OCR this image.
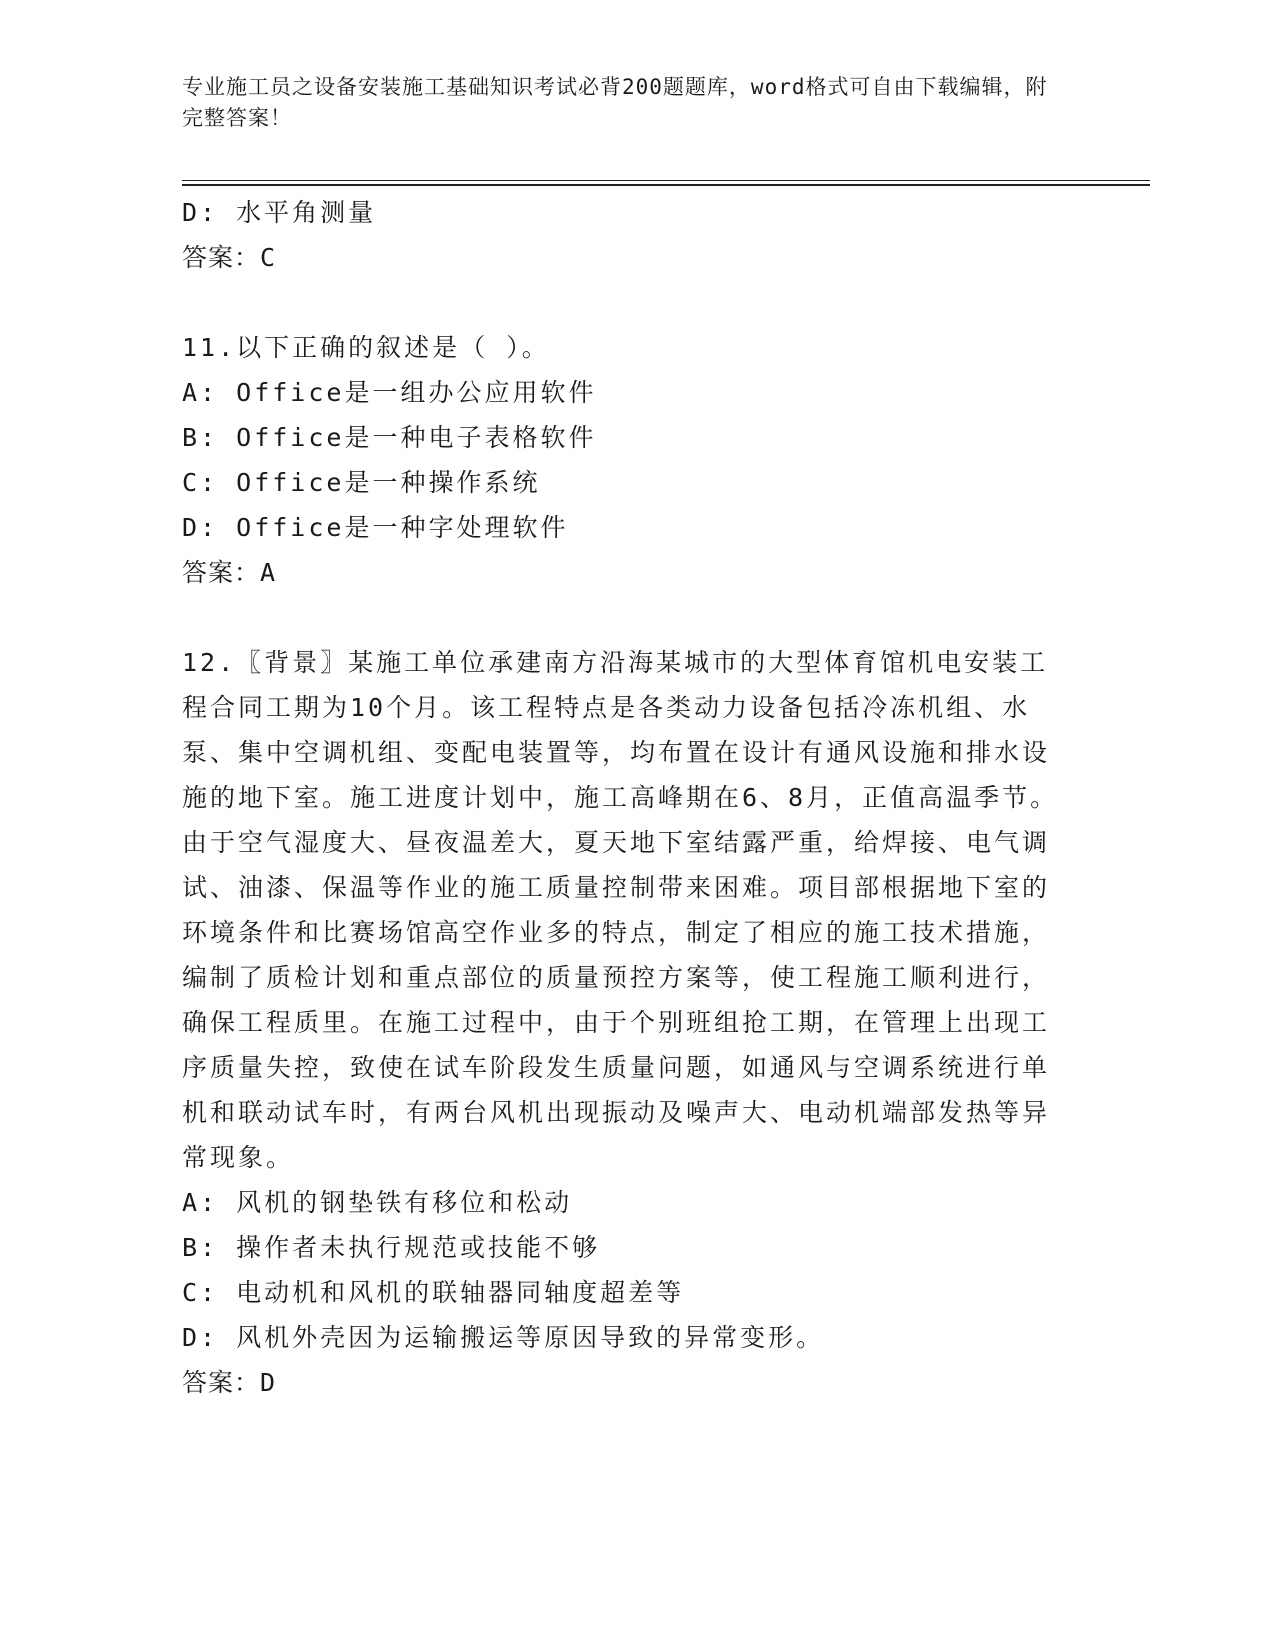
专业施工员之设备安装施工基础知识考试必背200题题库，word格式可自由下载编辑，附完整答案！
D: 水平角测量
答案：C
11.以下正确的叙述是（ ）。
A: Office是一组办公应用软件
B: Office是一种电子表格软件
C: Office是一种操作系统
D: Office是一种字处理软件
答案：A
12.〖背景〗某施工单位承建南方沿海某城市的大型体育馆机电安装工程合同工期为10个月。该工程特点是各类动力设备包括冷冻机组、水泵、集中空调机组、变配电装置等，均布置在设计有通风设施和排水设施的地下室。施工进度计划中，施工高峰期在6、8月，正值高温季节。由于空气湿度大、昼夜温差大，夏天地下室结露严重，给焊接、电气调试、油漆、保温等作业的施工质量控制带来困难。项目部根据地下室的环境条件和比赛场馆高空作业多的特点，制定了相应的施工技术措施，编制了质检计划和重点部位的质量预控方案等，使工程施工顺利进行，确保工程质里。在施工过程中，由于个别班组抢工期，在管理上出现工序质量失控，致使在试车阶段发生质量问题，如通风与空调系统进行单机和联动试车时，有两台风机出现振动及噪声大、电动机端部发热等异常现象。
A: 风机的钢垫铁有移位和松动
B: 操作者未执行规范或技能不够
C: 电动机和风机的联轴器同轴度超差等
D: 风机外壳因为运输搬运等原因导致的异常变形。
答案：D
